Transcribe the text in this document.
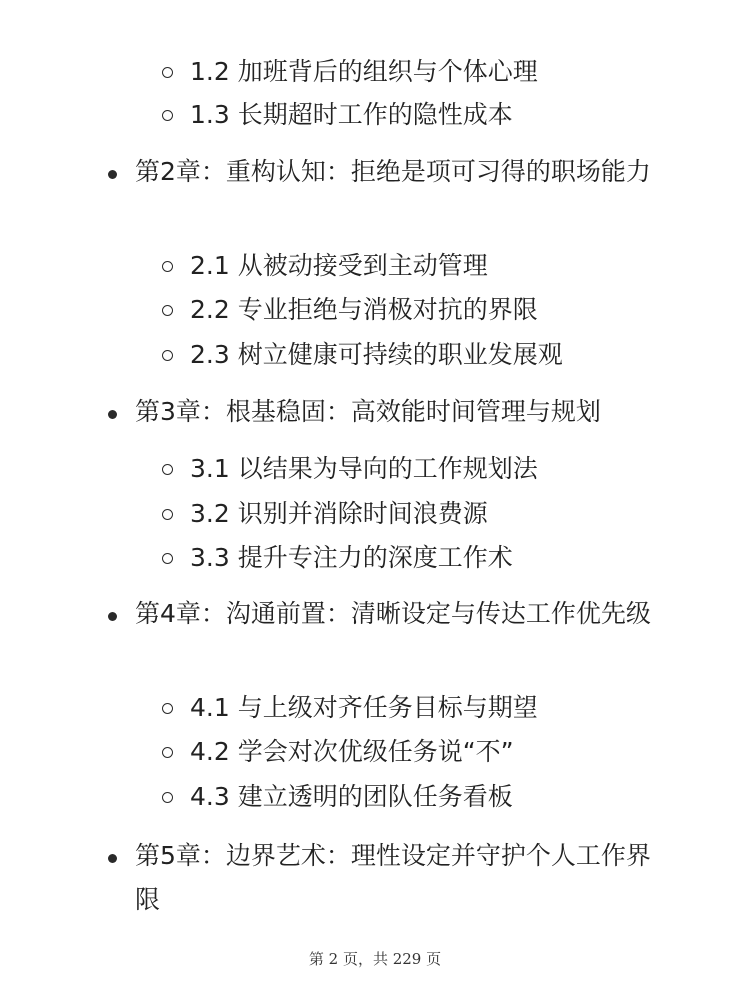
1.2 加班背后的组织与个体心理
1.3 长期超时工作的隐性成本
第2章：重构认知：拒绝是项可习得的职场能力
2.1 从被动接受到主动管理
2.2 专业拒绝与消极对抗的界限
2.3 树立健康可持续的职业发展观
第3章：根基稳固：高效能时间管理与规划
3.1 以结果为导向的工作规划法
3.2 识别并消除时间浪费源
3.3 提升专注力的深度工作术
第4章：沟通前置：清晰设定与传达工作优先级
4.1 与上级对齐任务目标与期望
4.2 学会对次优级任务说“不”
4.3 建立透明的团队任务看板
第5章：边界艺术：理性设定并守护个人工作界限
第 2 页，共 229 页
